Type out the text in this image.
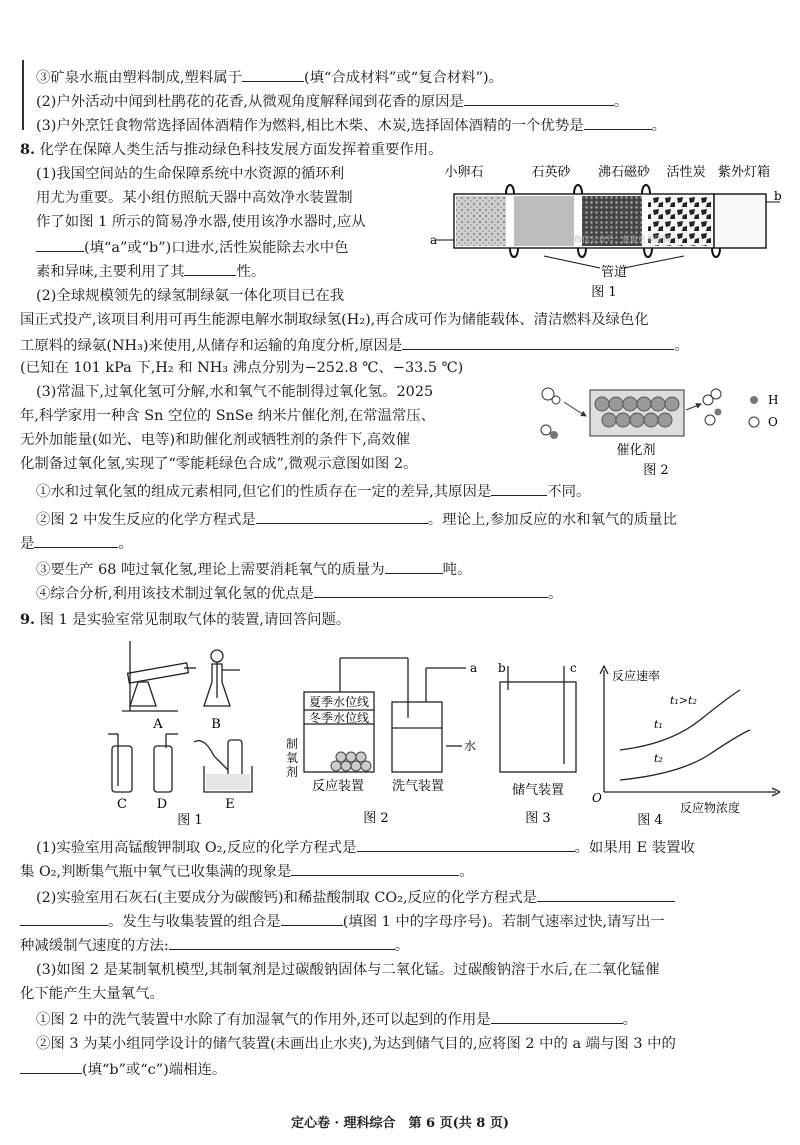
③矿泉水瓶由塑料制成,塑料属于	(填“合成材料”或“复合材料”)。
(2)户外活动中闻到杜鹃花的花香,从微观角度解释闻到花香的原因是	。
(3)户外烹饪食物常选择固体酒精作为燃料,相比木柴、木炭,选择固体酒精的一个优势是	。
8. 化学在保障人类生活与推动绿色科技发展方面发挥着重要作用。
(1)我国空间站的生命保障系统中水资源的循环利
用尤为重要。某小组仿照航天器中高效净水装置制
作了如图 1 所示的简易净水器,使用该净水器时,应从
(填“a”或“b”)口进水,活性炭能除去水中色
素和异味,主要利用了其	性。
小卵石	石英砂 沸石磁砂 活性炭 紫外灯箱
b
a
管道
图 1
关注微信公众号：获取更多资料
(2)全球规模领先的绿氢制绿氨一体化项目已在我
国正式投产,该项目利用可再生能源电解水制取绿氢(H₂),再合成可作为储能载体、清洁燃料及绿色化
工原料的绿氨(NH₃)来使用,从储存和运输的角度分析,原因是	。
(已知在 101 kPa 下,H₂ 和 NH₃ 沸点分别为−252.8 ℃、−33.5 ℃)
(3)常温下,过氧化氢可分解,水和氧气不能制得过氧化氢。2025
年,科学家用一种含 Sn 空位的 SnSe 纳米片催化剂,在常温常压、
无外加能量(如光、电等)和助催化剂或牺牲剂的条件下,高效催
化制备过氧化氢,实现了“零能耗绿色合成”,微观示意图如图 2。
H
O
催化剂
图 2
①水和过氧化氢的组成元素相同,但它们的性质存在一定的差异,其原因是	不同。
②图 2 中发生反应的化学方程式是	。理论上,参加反应的水和氧气的质量比
是	。
③要生产 68 吨过氧化氢,理论上需要消耗氧气的质量为	吨。
④综合分析,利用该技术制过氧化氢的优点是	。
9. 图 1 是实验室常见制取气体的装置,请回答问题。
A	B
C D	E
图 1
a
夏季水位线
冬季水位线
制
氧
剂
水
反应装置 洗气装置
图 2
b	c
储气装置
图 3
反应速率
t₁>t₂
t₁
t₂
O
反应物浓度
图 4
(1)实验室用高锰酸钾制取 O₂,反应的化学方程式是	。如果用 E 装置收
集 O₂,判断集气瓶中氧气已收集满的现象是	。
(2)实验室用石灰石(主要成分为碳酸钙)和稀盐酸制取 CO₂,反应的化学方程式是
。发生与收集装置的组合是	(填图 1 中的字母序号)。若制气速率过快,请写出一
种减缓制气速度的方法:	。
(3)如图 2 是某制氧机模型,其制氧剂是过碳酸钠固体与二氧化锰。过碳酸钠溶于水后,在二氧化锰催
化下能产生大量氧气。
①图 2 中的洗气装置中水除了有加湿氧气的作用外,还可以起到的作用是	。
②图 3 为某小组同学设计的储气装置(未画出止水夹),为达到储气目的,应将图 2 中的 a 端与图 3 中的
(填“b”或“c”)端相连。
定心卷 · 理科综合　第 6 页(共 8 页)
